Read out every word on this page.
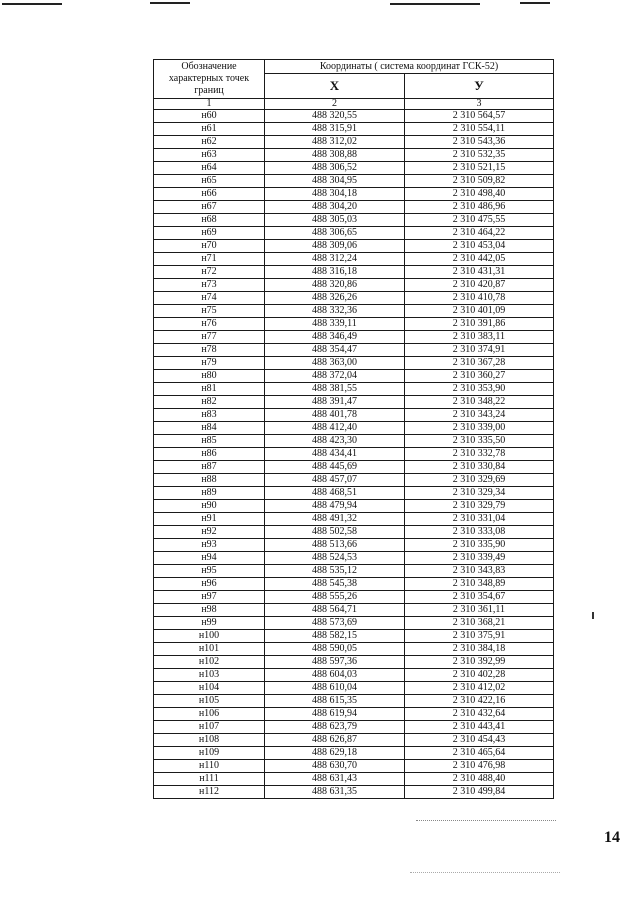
Обозначение характерных точек границ	Координаты ( система координат ГСК-52)	
	X	У
1	2	3
н60	488 320,55	2 310 564,57
н61	488 315,91	2 310 554,11
н62	488 312,02	2 310 543,36
н63	488 308,88	2 310 532,35
н64	488 306,52	2 310 521,15
н65	488 304,95	2 310 509,82
н66	488 304,18	2 310 498,40
н67	488 304,20	2 310 486,96
н68	488 305,03	2 310 475,55
н69	488 306,65	2 310 464,22
н70	488 309,06	2 310 453,04
н71	488 312,24	2 310 442,05
н72	488 316,18	2 310 431,31
н73	488 320,86	2 310 420,87
н74	488 326,26	2 310 410,78
н75	488 332,36	2 310 401,09
н76	488 339,11	2 310 391,86
н77	488 346,49	2 310 383,11
н78	488 354,47	2 310 374,91
н79	488 363,00	2 310 367,28
н80	488 372,04	2 310 360,27
н81	488 381,55	2 310 353,90
н82	488 391,47	2 310 348,22
н83	488 401,78	2 310 343,24
н84	488 412,40	2 310 339,00
н85	488 423,30	2 310 335,50
н86	488 434,41	2 310 332,78
н87	488 445,69	2 310 330,84
н88	488 457,07	2 310 329,69
н89	488 468,51	2 310 329,34
н90	488 479,94	2 310 329,79
н91	488 491,32	2 310 331,04
н92	488 502,58	2 310 333,08
н93	488 513,66	2 310 335,90
н94	488 524,53	2 310 339,49
н95	488 535,12	2 310 343,83
н96	488 545,38	2 310 348,89
н97	488 555,26	2 310 354,67
н98	488 564,71	2 310 361,11
н99	488 573,69	2 310 368,21
н100	488 582,15	2 310 375,91
н101	488 590,05	2 310 384,18
н102	488 597,36	2 310 392,99
н103	488 604,03	2 310 402,28
н104	488 610,04	2 310 412,02
н105	488 615,35	2 310 422,16
н106	488 619,94	2 310 432,64
н107	488 623,79	2 310 443,41
н108	488 626,87	2 310 454,43
н109	488 629,18	2 310 465,64
н110	488 630,70	2 310 476,98
н111	488 631,43	2 310 488,40
н112	488 631,35	2 310 499,84
14
